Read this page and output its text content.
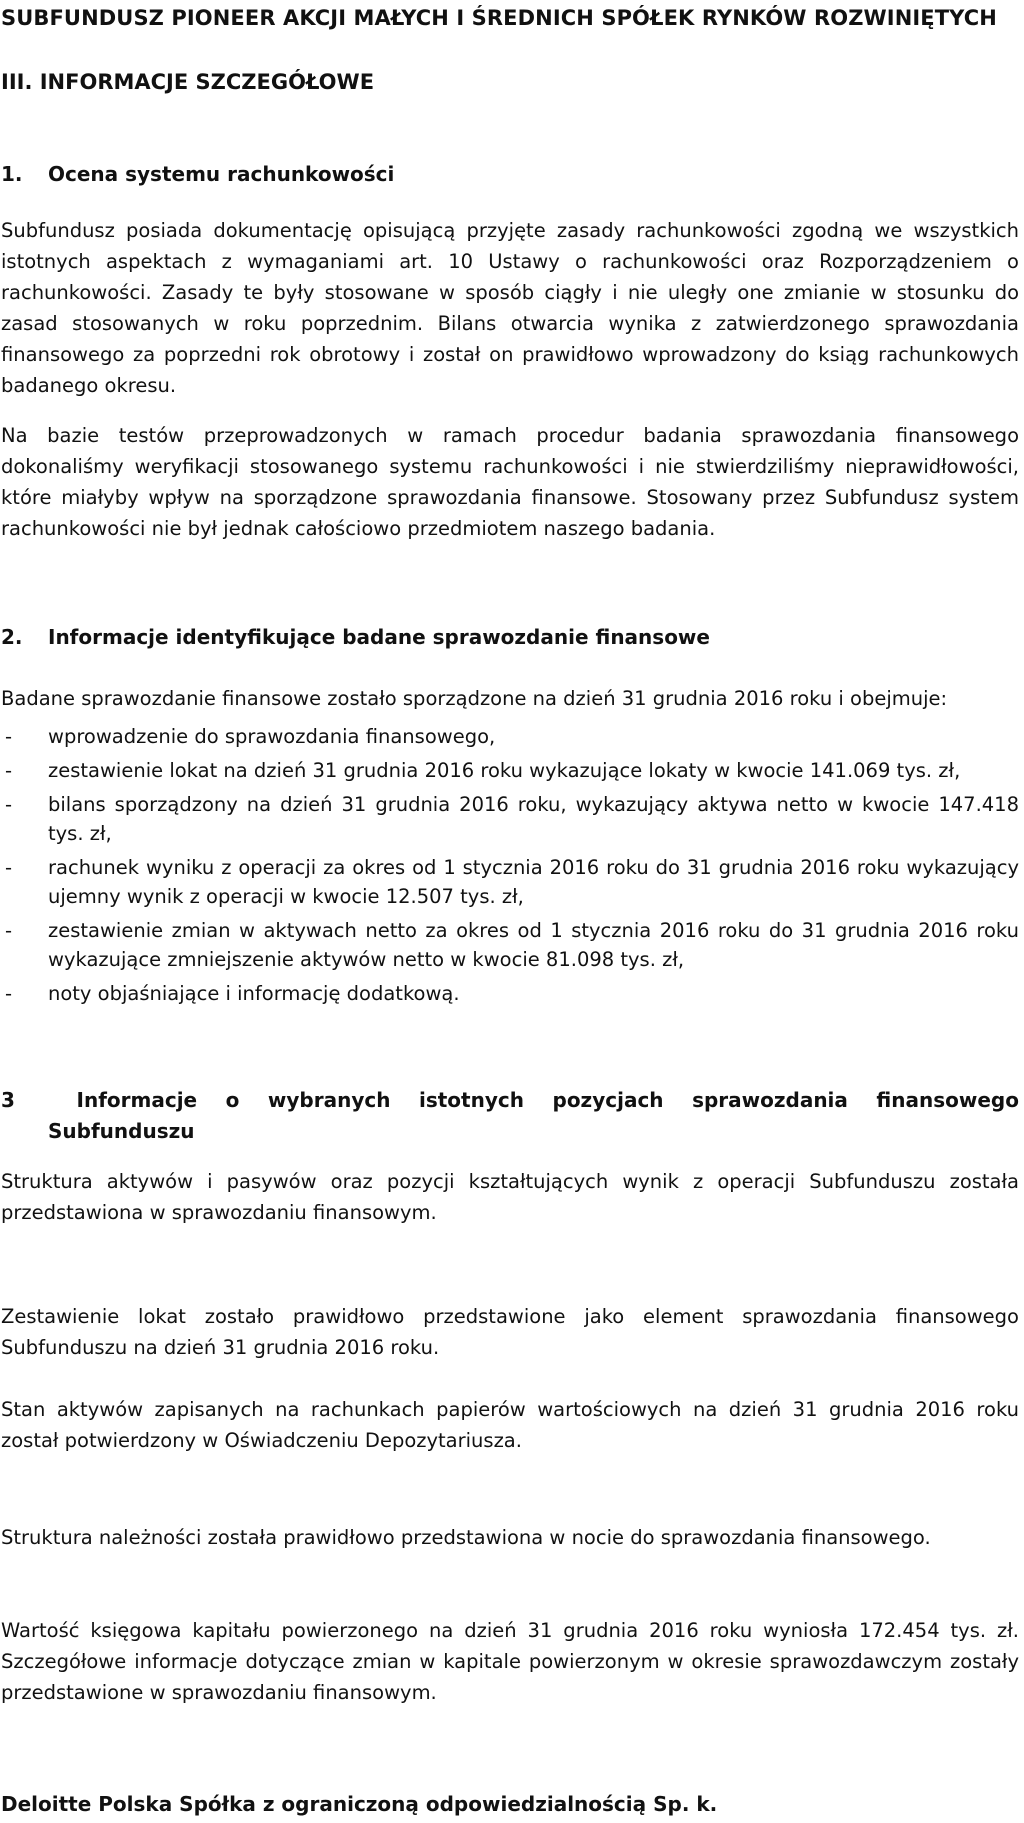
SUBFUNDUSZ PIONEER AKCJI MAŁYCH I ŚREDNICH SPÓŁEK RYNKÓW ROZWINIĘTYCH
III. INFORMACJE SZCZEGÓŁOWE
1. Ocena systemu rachunkowości
Subfundusz posiada dokumentację opisującą przyjęte zasady rachunkowości zgodną we wszystkich istotnych aspektach z wymaganiami art. 10 Ustawy o rachunkowości oraz Rozporządzeniem o rachunkowości. Zasady te były stosowane w sposób ciągły i nie uległy one zmianie w stosunku do zasad stosowanych w roku poprzednim. Bilans otwarcia wynika z zatwierdzonego sprawozdania finansowego za poprzedni rok obrotowy i został on prawidłowo wprowadzony do ksiąg rachunkowych badanego okresu.
Na bazie testów przeprowadzonych w ramach procedur badania sprawozdania finansowego dokonaliśmy weryfikacji stosowanego systemu rachunkowości i nie stwierdziliśmy nieprawidłowości, które miałyby wpływ na sporządzone sprawozdania finansowe. Stosowany przez Subfundusz system rachunkowości nie był jednak całościowo przedmiotem naszego badania.
2. Informacje identyfikujące badane sprawozdanie finansowe
Badane sprawozdanie finansowe zostało sporządzone na dzień 31 grudnia 2016 roku i obejmuje:
- wprowadzenie do sprawozdania finansowego,
- zestawienie lokat na dzień 31 grudnia 2016 roku wykazujące lokaty w kwocie 141.069 tys. zł,
- bilans sporządzony na dzień 31 grudnia 2016 roku, wykazujący aktywa netto w kwocie 147.418 tys. zł,
- rachunek wyniku z operacji za okres od 1 stycznia 2016 roku do 31 grudnia 2016 roku wykazujący ujemny wynik z operacji w kwocie 12.507 tys. zł,
- zestawienie zmian w aktywach netto za okres od 1 stycznia 2016 roku do 31 grudnia 2016 roku wykazujące zmniejszenie aktywów netto w kwocie 81.098 tys. zł,
- noty objaśniające i informację dodatkową.
3	Informacje o wybranych istotnych pozycjach sprawozdania finansowego
Subfunduszu
Struktura aktywów i pasywów oraz pozycji kształtujących wynik z operacji Subfunduszu została przedstawiona w sprawozdaniu finansowym.
Zestawienie lokat zostało prawidłowo przedstawione jako element sprawozdania finansowego Subfunduszu na dzień 31 grudnia 2016 roku.
Stan aktywów zapisanych na rachunkach papierów wartościowych na dzień 31 grudnia 2016 roku został potwierdzony w Oświadczeniu Depozytariusza.
Struktura należności została prawidłowo przedstawiona w nocie do sprawozdania finansowego.
Wartość księgowa kapitału powierzonego na dzień 31 grudnia 2016 roku wyniosła 172.454 tys. zł. Szczegółowe informacje dotyczące zmian w kapitale powierzonym w okresie sprawozdawczym zostały przedstawione w sprawozdaniu finansowym.
Deloitte Polska Spółka z ograniczoną odpowiedzialnością Sp. k.
